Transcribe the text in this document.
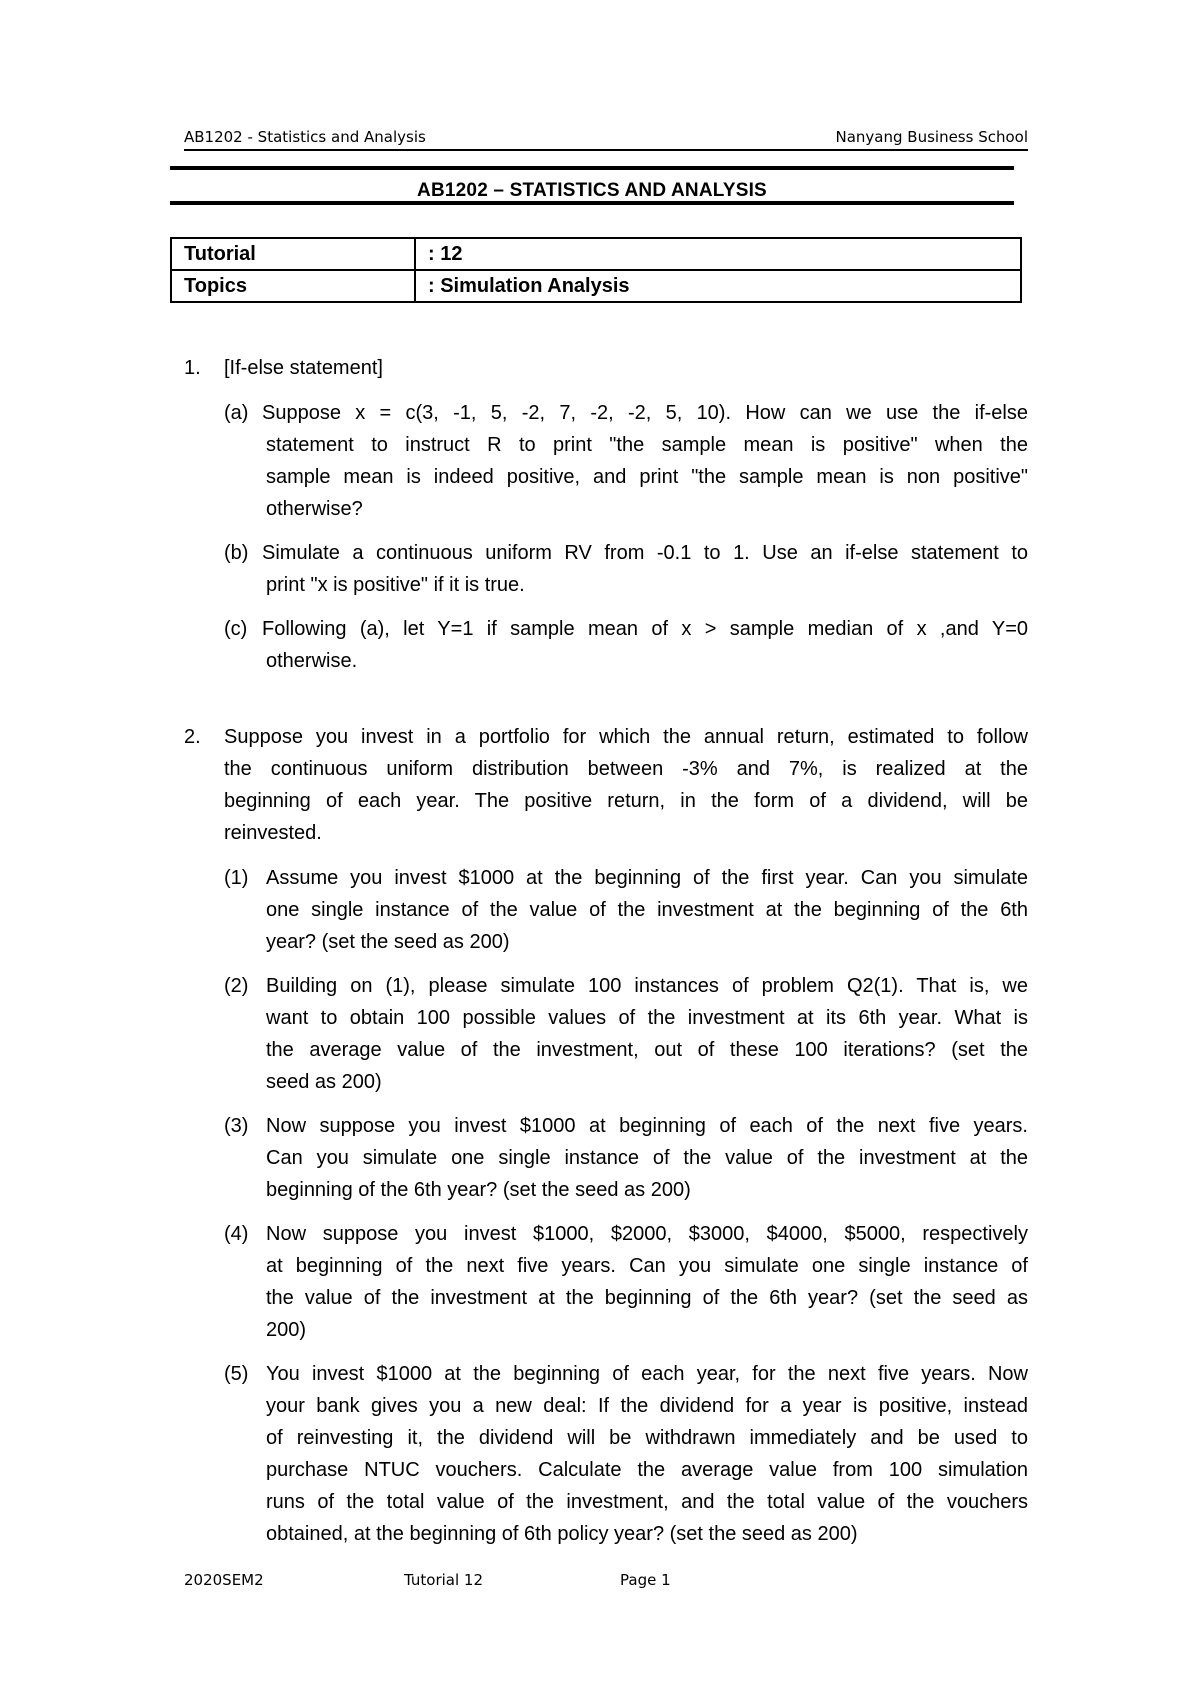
AB1202 - Statistics and Analysis	Nanyang Business School
AB1202 – STATISTICS AND ANALYSIS
Tutorial	: 12
Topics	: Simulation Analysis
1. [If-else statement]
(a) Suppose x = c(3, -1, 5, -2, 7, -2, -2, 5, 10). How can we use the if-else
statement to instruct R to print "the sample mean is positive" when the
sample mean is indeed positive, and print "the sample mean is non positive"
otherwise?
(b) Simulate a continuous uniform RV from -0.1 to 1. Use an if-else statement to
print "x is positive" if it is true.
(c) Following (a), let Y=1 if sample mean of x > sample median of x ,and Y=0
otherwise.
2. Suppose you invest in a portfolio for which the annual return, estimated to follow
the continuous uniform distribution between -3% and 7%, is realized at the
beginning of each year. The positive return, in the form of a dividend, will be
reinvested.
(1) Assume you invest $1000 at the beginning of the first year. Can you simulate
one single instance of the value of the investment at the beginning of the 6th
year? (set the seed as 200)
(2) Building on (1), please simulate 100 instances of problem Q2(1). That is, we
want to obtain 100 possible values of the investment at its 6th year. What is
the average value of the investment, out of these 100 iterations? (set the
seed as 200)
(3) Now suppose you invest $1000 at beginning of each of the next five years.
Can you simulate one single instance of the value of the investment at the
beginning of the 6th year? (set the seed as 200)
(4) Now suppose you invest $1000, $2000, $3000, $4000, $5000, respectively
at beginning of the next five years. Can you simulate one single instance of
the value of the investment at the beginning of the 6th year? (set the seed as
200)
(5) You invest $1000 at the beginning of each year, for the next five years. Now
your bank gives you a new deal: If the dividend for a year is positive, instead
of reinvesting it, the dividend will be withdrawn immediately and be used to
purchase NTUC vouchers. Calculate the average value from 100 simulation
runs of the total value of the investment, and the total value of the vouchers
obtained, at the beginning of 6th policy year? (set the seed as 200)
2020SEM2	Tutorial 12	Page 1
